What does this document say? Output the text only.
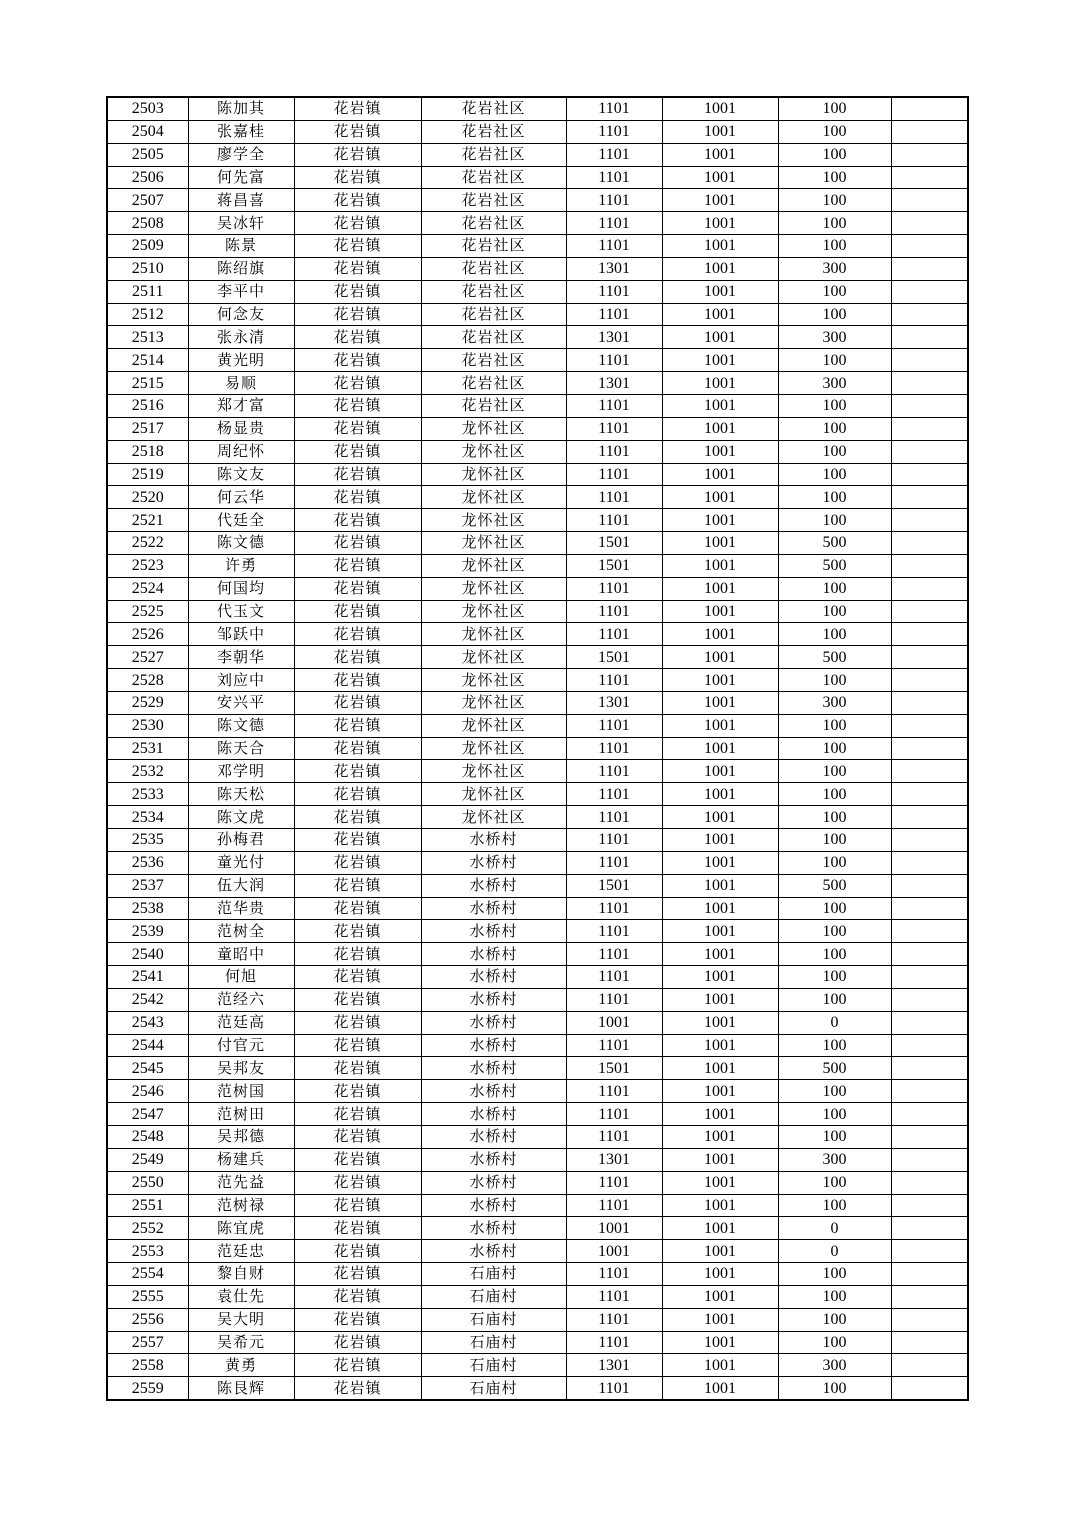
2503	陈加其	花岩镇	花岩社区	1101	1001	100	
2504	张嘉桂	花岩镇	花岩社区	1101	1001	100	
2505	廖学全	花岩镇	花岩社区	1101	1001	100	
2506	何先富	花岩镇	花岩社区	1101	1001	100	
2507	蒋昌喜	花岩镇	花岩社区	1101	1001	100	
2508	吴冰轩	花岩镇	花岩社区	1101	1001	100	
2509	陈景	花岩镇	花岩社区	1101	1001	100	
2510	陈绍旗	花岩镇	花岩社区	1301	1001	300	
2511	李平中	花岩镇	花岩社区	1101	1001	100	
2512	何念友	花岩镇	花岩社区	1101	1001	100	
2513	张永清	花岩镇	花岩社区	1301	1001	300	
2514	黄光明	花岩镇	花岩社区	1101	1001	100	
2515	易顺	花岩镇	花岩社区	1301	1001	300	
2516	郑才富	花岩镇	花岩社区	1101	1001	100	
2517	杨显贵	花岩镇	龙怀社区	1101	1001	100	
2518	周纪怀	花岩镇	龙怀社区	1101	1001	100	
2519	陈文友	花岩镇	龙怀社区	1101	1001	100	
2520	何云华	花岩镇	龙怀社区	1101	1001	100	
2521	代廷全	花岩镇	龙怀社区	1101	1001	100	
2522	陈文德	花岩镇	龙怀社区	1501	1001	500	
2523	许勇	花岩镇	龙怀社区	1501	1001	500	
2524	何国均	花岩镇	龙怀社区	1101	1001	100	
2525	代玉文	花岩镇	龙怀社区	1101	1001	100	
2526	邹跃中	花岩镇	龙怀社区	1101	1001	100	
2527	李朝华	花岩镇	龙怀社区	1501	1001	500	
2528	刘应中	花岩镇	龙怀社区	1101	1001	100	
2529	安兴平	花岩镇	龙怀社区	1301	1001	300	
2530	陈文德	花岩镇	龙怀社区	1101	1001	100	
2531	陈天合	花岩镇	龙怀社区	1101	1001	100	
2532	邓学明	花岩镇	龙怀社区	1101	1001	100	
2533	陈天松	花岩镇	龙怀社区	1101	1001	100	
2534	陈文虎	花岩镇	龙怀社区	1101	1001	100	
2535	孙梅君	花岩镇	水桥村	1101	1001	100	
2536	童光付	花岩镇	水桥村	1101	1001	100	
2537	伍大润	花岩镇	水桥村	1501	1001	500	
2538	范华贵	花岩镇	水桥村	1101	1001	100	
2539	范树全	花岩镇	水桥村	1101	1001	100	
2540	童昭中	花岩镇	水桥村	1101	1001	100	
2541	何旭	花岩镇	水桥村	1101	1001	100	
2542	范经六	花岩镇	水桥村	1101	1001	100	
2543	范廷高	花岩镇	水桥村	1001	1001	0	
2544	付官元	花岩镇	水桥村	1101	1001	100	
2545	吴邦友	花岩镇	水桥村	1501	1001	500	
2546	范树国	花岩镇	水桥村	1101	1001	100	
2547	范树田	花岩镇	水桥村	1101	1001	100	
2548	吴邦德	花岩镇	水桥村	1101	1001	100	
2549	杨建兵	花岩镇	水桥村	1301	1001	300	
2550	范先益	花岩镇	水桥村	1101	1001	100	
2551	范树禄	花岩镇	水桥村	1101	1001	100	
2552	陈宜虎	花岩镇	水桥村	1001	1001	0	
2553	范廷忠	花岩镇	水桥村	1001	1001	0	
2554	黎自财	花岩镇	石庙村	1101	1001	100	
2555	袁仕先	花岩镇	石庙村	1101	1001	100	
2556	吴大明	花岩镇	石庙村	1101	1001	100	
2557	吴希元	花岩镇	石庙村	1101	1001	100	
2558	黄勇	花岩镇	石庙村	1301	1001	300	
2559	陈艮辉	花岩镇	石庙村	1101	1001	100	
